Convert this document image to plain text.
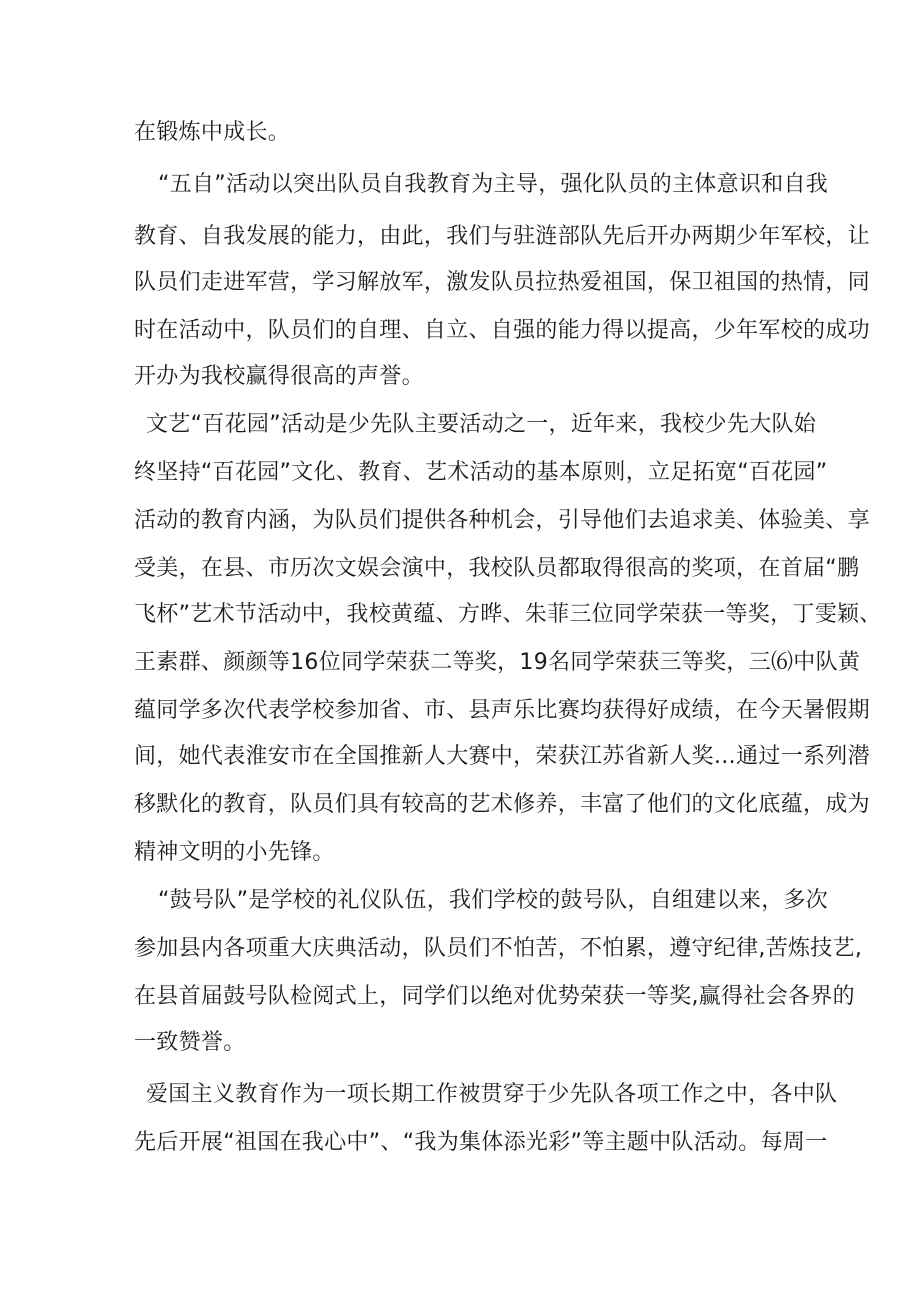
在锻炼中成长。

“五自”活动以突出队员自我教育为主导，强化队员的主体意识和自我

教育、自我发展的能力，由此，我们与驻涟部队先后开办两期少年军校，让

队员们走进军营，学习解放军，激发队员拉热爱祖国，保卫祖国的热情，同

时在活动中，队员们的自理、自立、自强的能力得以提高，少年军校的成功

开办为我校赢得很高的声誉。

文艺“百花园”活动是少先队主要活动之一，近年来，我校少先大队始

终坚持“百花园”文化、教育、艺术活动的基本原则，立足拓宽“百花园”

活动的教育内涵，为队员们提供各种机会，引导他们去追求美、体验美、享

受美，在县、市历次文娱会演中，我校队员都取得很高的奖项，在首届“鹏

飞杯”艺术节活动中，我校黄蕴、方晔、朱菲三位同学荣获一等奖，丁雯颖、

王素群、颜颜等16位同学荣获二等奖，19名同学荣获三等奖，三⑹中队黄

蕴同学多次代表学校参加省、市、县声乐比赛均获得好成绩，在今天暑假期

间，她代表淮安市在全国推新人大赛中，荣获江苏省新人奖…通过一系列潜

移默化的教育，队员们具有较高的艺术修养，丰富了他们的文化底蕴，成为

精神文明的小先锋。

“鼓号队”是学校的礼仪队伍，我们学校的鼓号队，自组建以来，多次

参加县内各项重大庆典活动，队员们不怕苦，不怕累，遵守纪律,苦炼技艺,

在县首届鼓号队检阅式上，同学们以绝对优势荣获一等奖,赢得社会各界的

一致赞誉。

爱国主义教育作为一项长期工作被贯穿于少先队各项工作之中，各中队

先后开展“祖国在我心中”、“我为集体添光彩”等主题中队活动。每周一
